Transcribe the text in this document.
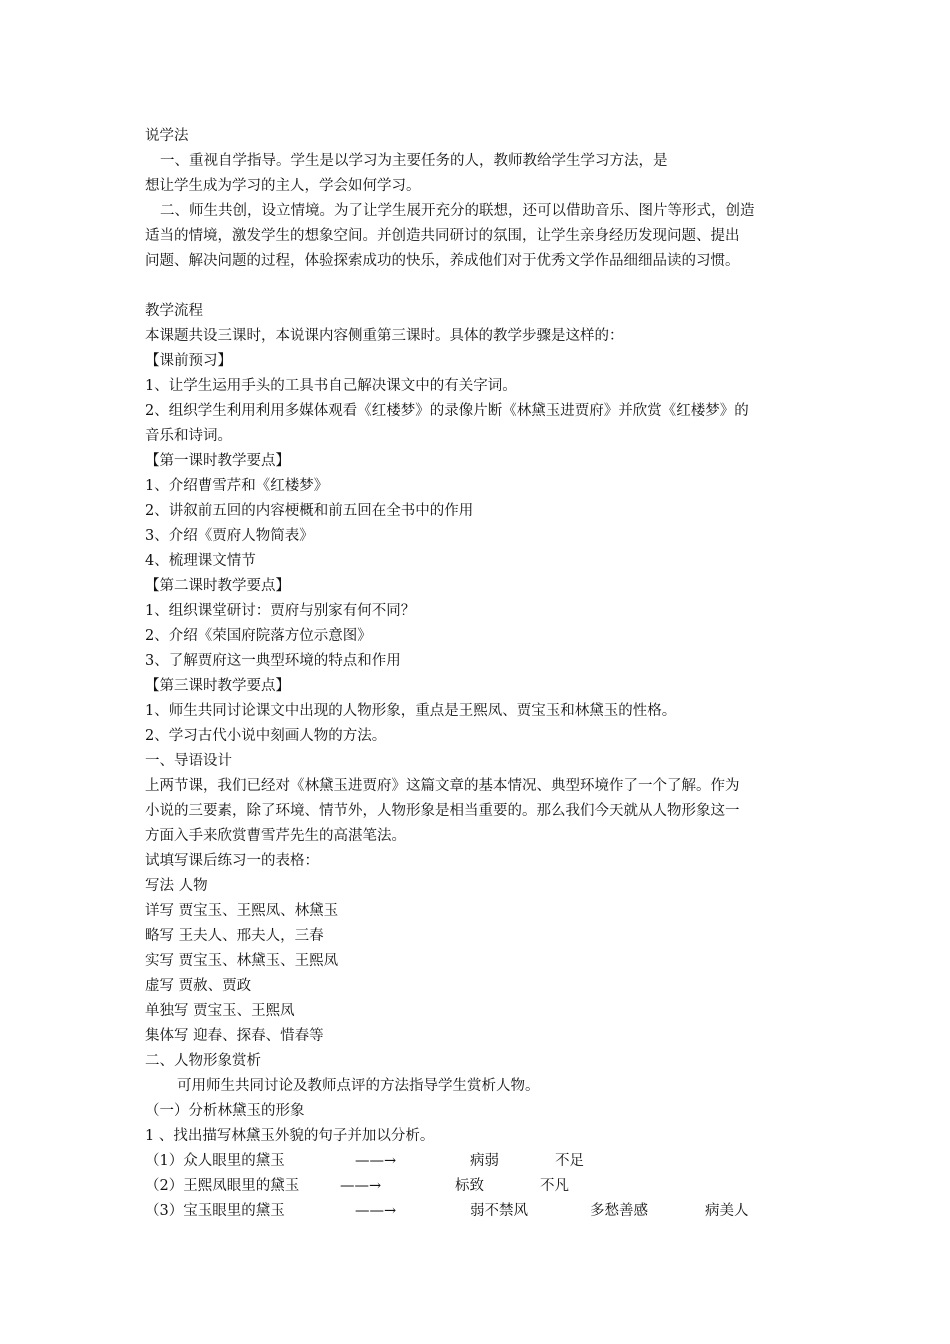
说学法
一、重视自学指导。学生是以学习为主要任务的人，教师教给学生学习方法，是
想让学生成为学习的主人，学会如何学习。
二、师生共创，设立情境。为了让学生展开充分的联想，还可以借助音乐、图片等形式，创造
适当的情境，激发学生的想象空间。并创造共同研讨的氛围，让学生亲身经历发现问题、提出
问题、解决问题的过程，体验探索成功的快乐，养成他们对于优秀文学作品细细品读的习惯。
教学流程
本课题共设三课时，本说课内容侧重第三课时。具体的教学步骤是这样的：
【课前预习】
1、让学生运用手头的工具书自己解决课文中的有关字词。
2、组织学生利用利用多媒体观看《红楼梦》的录像片断《林黛玉进贾府》并欣赏《红楼梦》的
音乐和诗词。
【第一课时教学要点】
1、介绍曹雪芹和《红楼梦》
2、讲叙前五回的内容梗概和前五回在全书中的作用
3、介绍《贾府人物简表》
4、梳理课文情节
【第二课时教学要点】
1、组织课堂研讨：贾府与别家有何不同？
2、介绍《荣国府院落方位示意图》
3、了解贾府这一典型环境的特点和作用
【第三课时教学要点】
1、师生共同讨论课文中出现的人物形象，重点是王熙凤、贾宝玉和林黛玉的性格。
2、学习古代小说中刻画人物的方法。
一、导语设计
上两节课，我们已经对《林黛玉进贾府》这篇文章的基本情况、典型环境作了一个了解。作为
小说的三要素，除了环境、情节外，人物形象是相当重要的。那么我们今天就从人物形象这一
方面入手来欣赏曹雪芹先生的高湛笔法。
试填写课后练习一的表格：
写法 人物
详写 贾宝玉、王熙凤、林黛玉
略写 王夫人、邢夫人，三春
实写 贾宝玉、林黛玉、王熙凤
虚写 贾赦、贾政
单独写 贾宝玉、王熙凤
集体写 迎春、探春、惜春等
二、人物形象赏析
可用师生共同讨论及教师点评的方法指导学生赏析人物。
（一）分析林黛玉的形象
1 、找出描写林黛玉外貌的句子并加以分析。
（1）众人眼里的黛玉	——→	病弱	不足
（2）王熙凤眼里的黛玉	——→	标致	不凡
（3）宝玉眼里的黛玉	——→	弱不禁风	多愁善感	病美人
